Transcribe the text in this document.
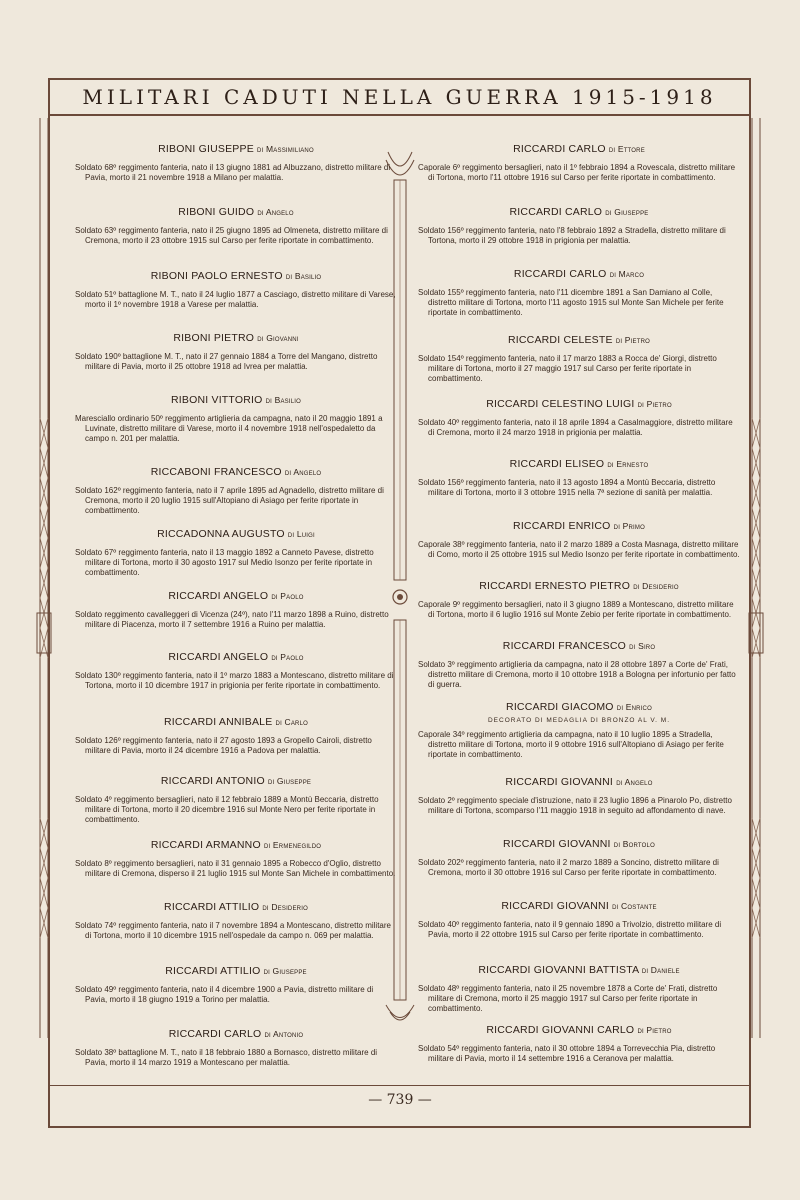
MILITARI CADUTI NELLA GUERRA 1915-1918
RIBONI GIUSEPPE di Massimiliano

Soldato 68º reggimento fanteria, nato il 13 giugno 1881 ad Albuzzano, distretto militare di Pavia, morto il 21 novembre 1918 a Milano per malattia.

RIBONI GUIDO di Angelo

Soldato 63º reggimento fanteria, nato il 25 giugno 1895 ad Olmeneta, distretto militare di Cremona, morto il 23 ottobre 1915 sul Carso per ferite riportate in combattimento.

RIBONI PAOLO ERNESTO di Basilio

Soldato 51º battaglione M. T., nato il 24 luglio 1877 a Casciago, distretto militare di Varese, morto il 1º novembre 1918 a Varese per malattia.

RIBONI PIETRO di Giovanni

Soldato 190º battaglione M. T., nato il 27 gennaio 1884 a Torre del Mangano, distretto militare di Pavia, morto il 25 ottobre 1918 ad Ivrea per malattia.

RIBONI VITTORIO di Basilio

Maresciallo ordinario 50º reggimento artiglieria da campagna, nato il 20 maggio 1891 a Luvinate, distretto militare di Varese, morto il 4 novembre 1918 nell'ospedaletto da campo n. 201 per malattia.

RICCABONI FRANCESCO di Angelo

Soldato 162º reggimento fanteria, nato il 7 aprile 1895 ad Agnadello, distretto militare di Cremona, morto il 20 luglio 1915 sull'Altopiano di Asiago per ferite riportate in combattimento.

RICCADONNA AUGUSTO di Luigi

Soldato 67º reggimento fanteria, nato il 13 maggio 1892 a Canneto Pavese, distretto militare di Tortona, morto il 30 agosto 1917 sul Medio Isonzo per ferite riportate in combattimento.

RICCARDI ANGELO di Paolo

Soldato reggimento cavalleggeri di Vicenza (24º), nato l'11 marzo 1898 a Ruino, distretto militare di Piacenza, morto il 7 settembre 1916 a Ruino per malattia.

RICCARDI ANGELO di Paolo

Soldato 130º reggimento fanteria, nato il 1º marzo 1883 a Montescano, distretto militare di Tortona, morto il 10 dicembre 1917 in prigionia per ferite riportate in combattimento.

RICCARDI ANNIBALE di Carlo

Soldato 126º reggimento fanteria, nato il 27 agosto 1893 a Gropello Cairoli, distretto militare di Pavia, morto il 24 dicembre 1916 a Padova per malattia.

RICCARDI ANTONIO di Giuseppe

Soldato 4º reggimento bersaglieri, nato il 12 febbraio 1889 a Montù Beccaria, distretto militare di Tortona, morto il 20 dicembre 1916 sul Monte Nero per ferite riportate in combattimento.

RICCARDI ARMANNO di Ermenegildo

Soldato 8º reggimento bersaglieri, nato il 31 gennaio 1895 a Robecco d'Oglio, distretto militare di Cremona, disperso il 21 luglio 1915 sul Monte San Michele in combattimento.

RICCARDI ATTILIO di Desiderio

Soldato 74º reggimento fanteria, nato il 7 novembre 1894 a Montescano, distretto militare di Tortona, morto il 10 dicembre 1915 nell'ospedale da campo n. 069 per malattia.

RICCARDI ATTILIO di Giuseppe

Soldato 49º reggimento fanteria, nato il 4 dicembre 1900 a Pavia, distretto militare di Pavia, morto il 18 giugno 1919 a Torino per malattia.

RICCARDI CARLO di Antonio

Soldato 38º battaglione M. T., nato il 18 febbraio 1880 a Bornasco, distretto militare di Pavia, morto il 14 marzo 1919 a Montescano per malattia.

RICCARDI CARLO di Ettore

Caporale 6º reggimento bersaglieri, nato il 1º febbraio 1894 a Rovescala, distretto militare di Tortona, morto l'11 ottobre 1916 sul Carso per ferite riportate in combattimento.

RICCARDI CARLO di Giuseppe

Soldato 156º reggimento fanteria, nato l'8 febbraio 1892 a Stradella, distretto militare di Tortona, morto il 29 ottobre 1918 in prigionia per malattia.

RICCARDI CARLO di Marco

Soldato 155º reggimento fanteria, nato l'11 dicembre 1891 a San Damiano al Colle, distretto militare di Tortona, morto l'11 agosto 1915 sul Monte San Michele per ferite riportate in combattimento.

RICCARDI CELESTE di Pietro

Soldato 154º reggimento fanteria, nato il 17 marzo 1883 a Rocca de' Giorgi, distretto militare di Tortona, morto il 27 maggio 1917 sul Carso per ferite riportate in combattimento.

RICCARDI CELESTINO LUIGI di Pietro

Soldato 40º reggimento fanteria, nato il 18 aprile 1894 a Casalmaggiore, distretto militare di Cremona, morto il 24 marzo 1918 in prigionia per malattia.

RICCARDI ELISEO di Ernesto

Soldato 156º reggimento fanteria, nato il 13 agosto 1894 a Montù Beccaria, distretto militare di Tortona, morto il 3 ottobre 1915 nella 7ª sezione di sanità per malattia.

RICCARDI ENRICO di Primo

Caporale 38º reggimento fanteria, nato il 2 marzo 1889 a Costa Masnaga, distretto militare di Como, morto il 25 ottobre 1915 sul Medio Isonzo per ferite riportate in combattimento.

RICCARDI ERNESTO PIETRO di Desiderio

Caporale 9º reggimento bersaglieri, nato il 3 giugno 1889 a Montescano, distretto militare di Tortona, morto il 6 luglio 1916 sul Monte Zebio per ferite riportate in combattimento.

RICCARDI FRANCESCO di Siro

Soldato 3º reggimento artiglieria da campagna, nato il 28 ottobre 1897 a Corte de' Frati, distretto militare di Cremona, morto il 10 ottobre 1918 a Bologna per infortunio per fatto di guerra.

RICCARDI GIACOMO di Enrico
DECORATO DI MEDAGLIA DI BRONZO AL V. M.

Caporale 34º reggimento artiglieria da campagna, nato il 10 luglio 1895 a Stradella, distretto militare di Tortona, morto il 9 ottobre 1916 sull'Altopiano di Asiago per ferite riportate in combattimento.

RICCARDI GIOVANNI di Angelo

Soldato 2º reggimento speciale d'istruzione, nato il 23 luglio 1896 a Pinarolo Po, distretto militare di Tortona, scomparso l'11 maggio 1918 in seguito ad affondamento di nave.

RICCARDI GIOVANNI di Bortolo

Soldato 202º reggimento fanteria, nato il 2 marzo 1889 a Soncino, distretto militare di Cremona, morto il 30 ottobre 1916 sul Carso per ferite riportate in combattimento.

RICCARDI GIOVANNI di Costante

Soldato 40º reggimento fanteria, nato il 9 gennaio 1890 a Trivolzio, distretto militare di Pavia, morto il 22 ottobre 1915 sul Carso per ferite riportate in combattimento.

RICCARDI GIOVANNI BATTISTA di Daniele

Soldato 48º reggimento fanteria, nato il 25 novembre 1878 a Corte de' Frati, distretto militare di Cremona, morto il 25 maggio 1917 sul Carso per ferite riportate in combattimento.

RICCARDI GIOVANNI CARLO di Pietro

Soldato 54º reggimento fanteria, nato il 30 ottobre 1894 a Torrevecchia Pia, distretto militare di Pavia, morto il 14 settembre 1916 a Ceranova per malattia.

— 739 —
